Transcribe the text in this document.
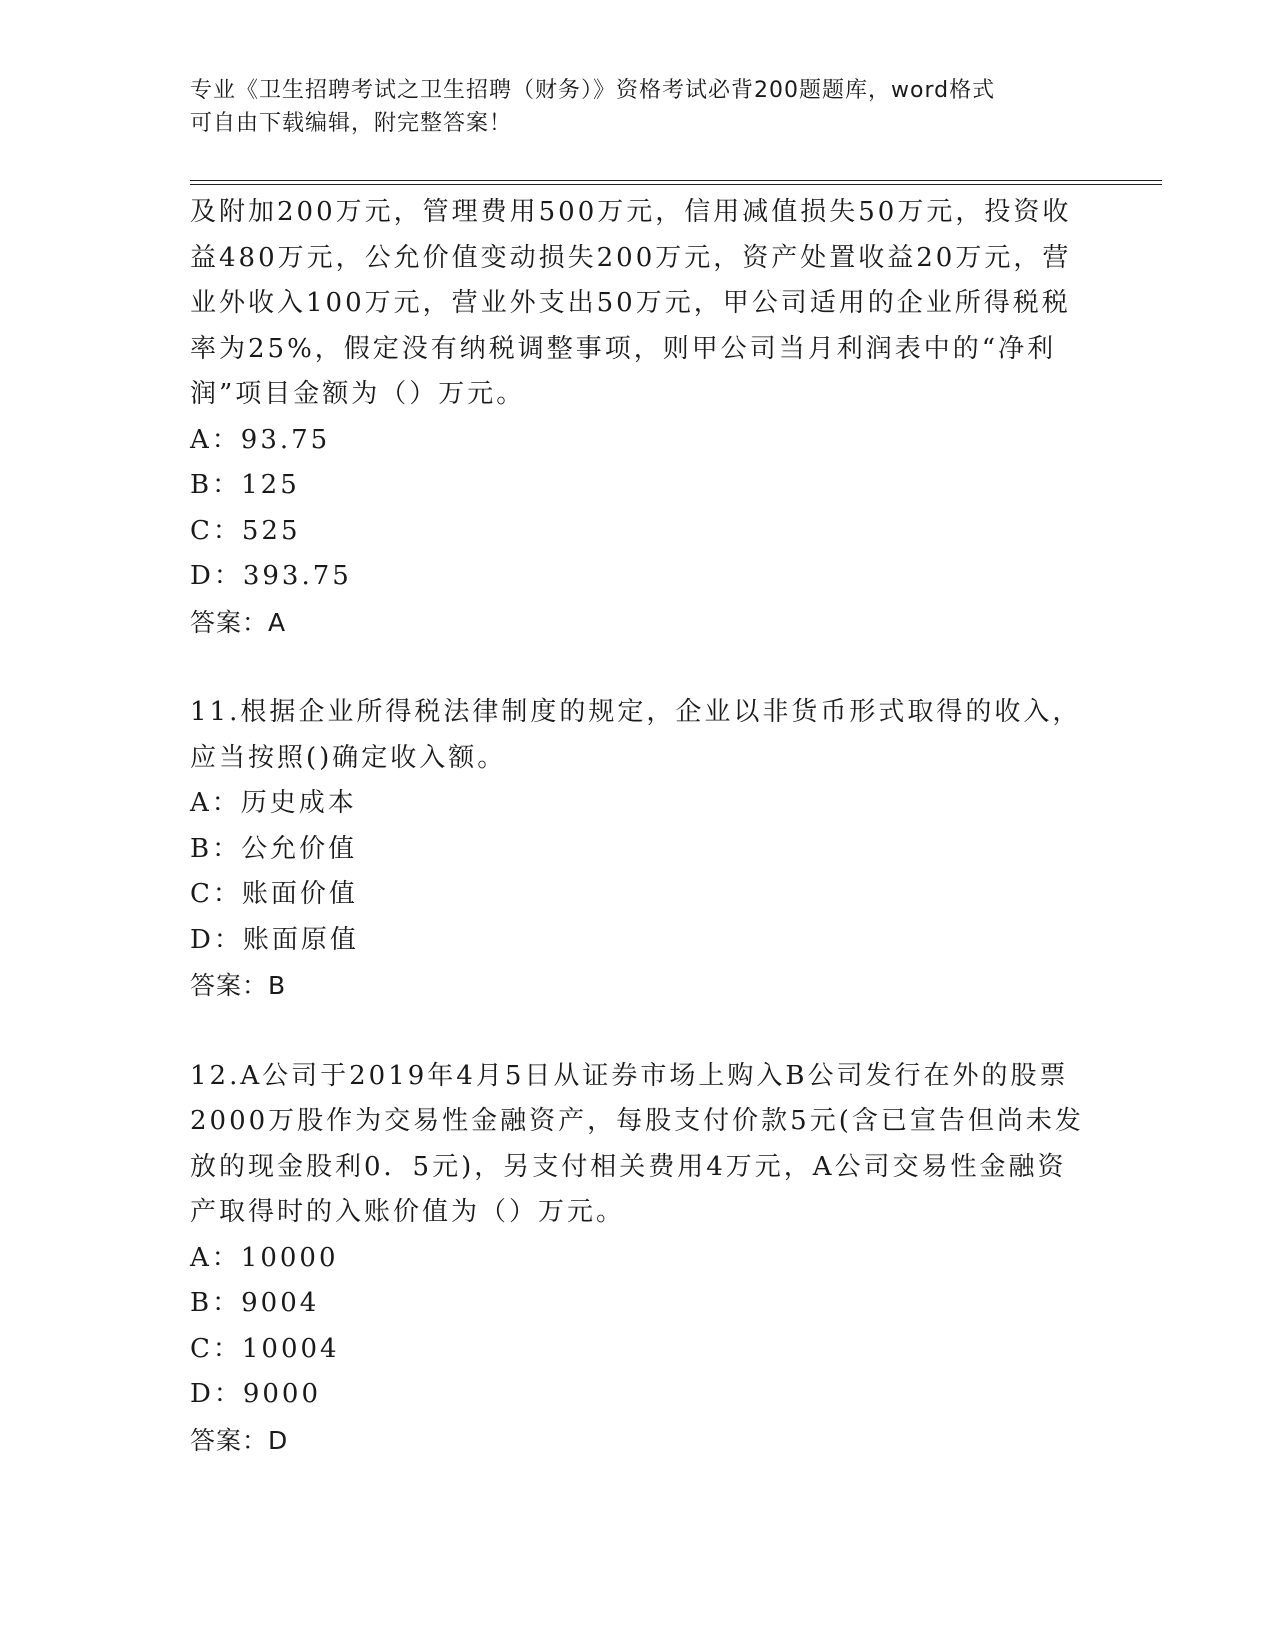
专业《卫生招聘考试之卫生招聘（财务）》资格考试必背200题题库，word格式
可自由下载编辑，附完整答案！

及附加200万元，管理费用500万元，信用减值损失50万元，投资收

益480万元，公允价值变动损失200万元，资产处置收益20万元，营

业外收入100万元，营业外支出50万元，甲公司适用的企业所得税税

率为25%，假定没有纳税调整事项，则甲公司当月利润表中的“净利

润”项目金额为（）万元。

A：93.75

B：125

C：525

D：393.75

答案：A

11.根据企业所得税法律制度的规定，企业以非货币形式取得的收入，

应当按照()确定收入额。

A：历史成本

B：公允价值

C：账面价值

D：账面原值

答案：B

12.A公司于2019年4月5日从证券市场上购入B公司发行在外的股票

2000万股作为交易性金融资产，每股支付价款5元(含已宣告但尚未发

放的现金股利0．5元)，另支付相关费用4万元，A公司交易性金融资

产取得时的入账价值为（）万元。

A：10000

B：9004

C：10004

D：9000

答案：D
